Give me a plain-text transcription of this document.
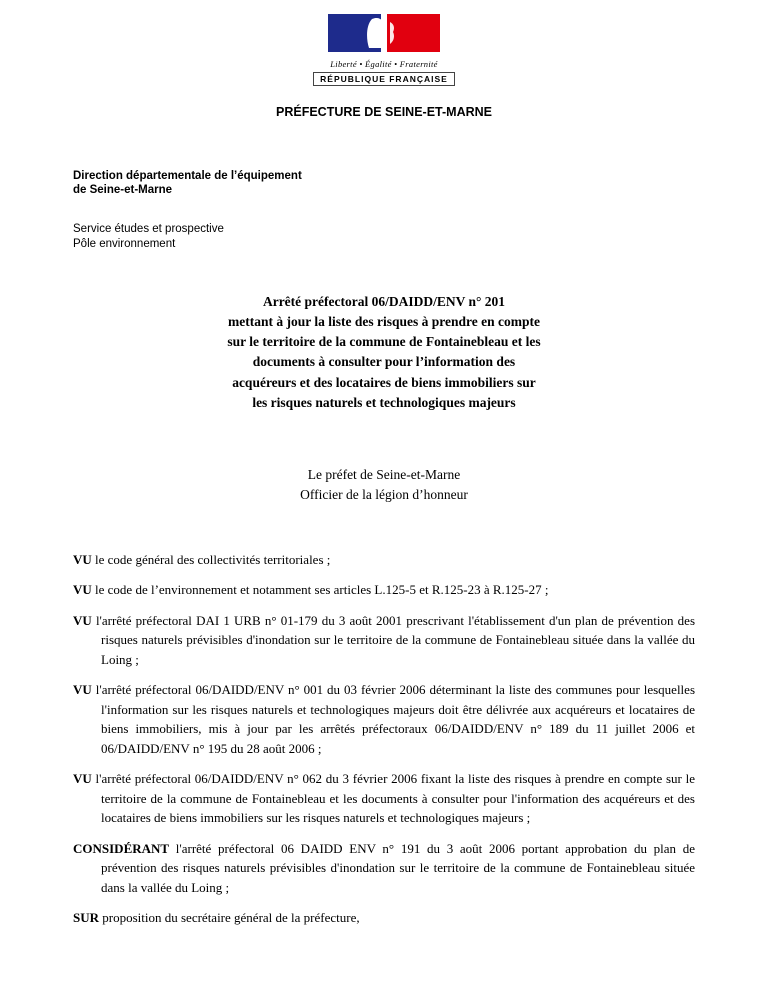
Liberté • Égalité • Fraternité
RÉPUBLIQUE FRANÇAISE
PRÉFECTURE DE SEINE-ET-MARNE
Direction départementale de l’équipement
de Seine-et-Marne
Service études et prospective
Pôle environnement
Arrêté préfectoral 06/DAIDD/ENV n° 201
mettant à jour la liste des risques à prendre en compte
sur le territoire de la commune de Fontainebleau et les
documents à consulter pour l’information des
acquéreurs et des locataires de biens immobiliers sur
les risques naturels et technologiques majeurs
Le préfet de Seine-et-Marne
Officier de la légion d’honneur

VU le code général des collectivités territoriales ;

VU le code de l’environnement et notamment ses articles L.125-5 et R.125-23 à R.125-27 ;

VU l'arrêté préfectoral DAI 1 URB n° 01-179 du 3 août 2001 prescrivant l'établissement d'un plan de prévention des risques naturels prévisibles d'inondation sur le territoire de la commune de Fontainebleau située dans la vallée du Loing ;

VU l'arrêté préfectoral 06/DAIDD/ENV n° 001 du 03 février 2006 déterminant la liste des communes pour lesquelles l'information sur les risques naturels et technologiques majeurs doit être délivrée aux acquéreurs et locataires de biens immobiliers, mis à jour par les arrêtés préfectoraux 06/DAIDD/ENV n° 189 du 11 juillet 2006 et 06/DAIDD/ENV n° 195 du 28 août 2006 ;

VU l'arrêté préfectoral 06/DAIDD/ENV n° 062 du 3 février 2006 fixant la liste des risques à prendre en compte sur le territoire de la commune de Fontainebleau et les documents à consulter pour l'information des acquéreurs et des locataires de biens immobiliers sur les risques naturels et technologiques majeurs ;

CONSIDÉRANT l'arrêté préfectoral 06 DAIDD ENV n° 191 du 3 août 2006 portant approbation du plan de prévention des risques naturels prévisibles d'inondation sur le territoire de la commune de Fontainebleau située dans la vallée du Loing ;

SUR proposition du secrétaire général de la préfecture,
